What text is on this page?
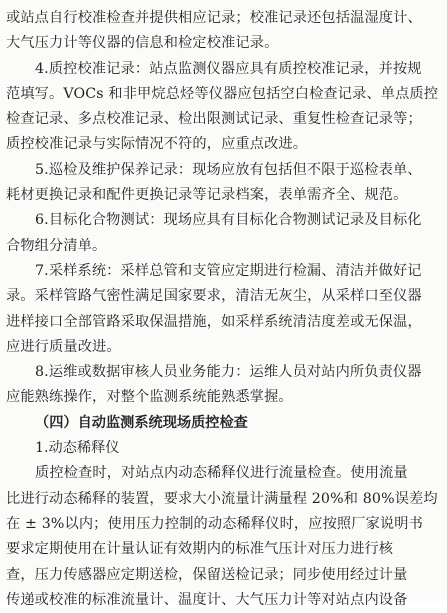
或站点自行校准检查并提供相应记录；校准记录还包括温湿度计、
大气压力计等仪器的信息和检定校准记录。
4.质控校准记录：站点监测仪器应具有质控校准记录，并按规
范填写。VOCs 和非甲烷总烃等仪器应包括空白检查记录、单点质控
检查记录、多点校准记录、检出限测试记录、重复性检查记录等；
质控校准记录与实际情况不符的，应重点改进。
5.巡检及维护保养记录：现场应放有包括但不限于巡检表单、
耗材更换记录和配件更换记录等记录档案，表单需齐全、规范。
6.目标化合物测试：现场应具有目标化合物测试记录及目标化
合物组分清单。
7.采样系统：采样总管和支管应定期进行检漏、清洁并做好记
录。采样管路气密性满足国家要求，清洁无灰尘，从采样口至仪器
进样接口全部管路采取保温措施，如采样系统清洁度差或无保温，
应进行质量改进。
8.运维或数据审核人员业务能力：运维人员对站内所负责仪器
应能熟练操作，对整个监测系统能熟悉掌握。
（四）自动监测系统现场质控检查
1.动态稀释仪
质控检查时，对站点内动态稀释仪进行流量检查。使用流量
比进行动态稀释的装置，要求大小流量计满量程 20%和 80%误差均
在 ± 3%以内；使用压力控制的动态稀释仪时，应按照厂家说明书
要求定期使用在计量认证有效期内的标准气压计对压力进行核
查，压力传感器应定期送检，保留送检记录；同步使用经过计量
传递或校准的标准流量计、温度计、大气压力计等对站点内设备
